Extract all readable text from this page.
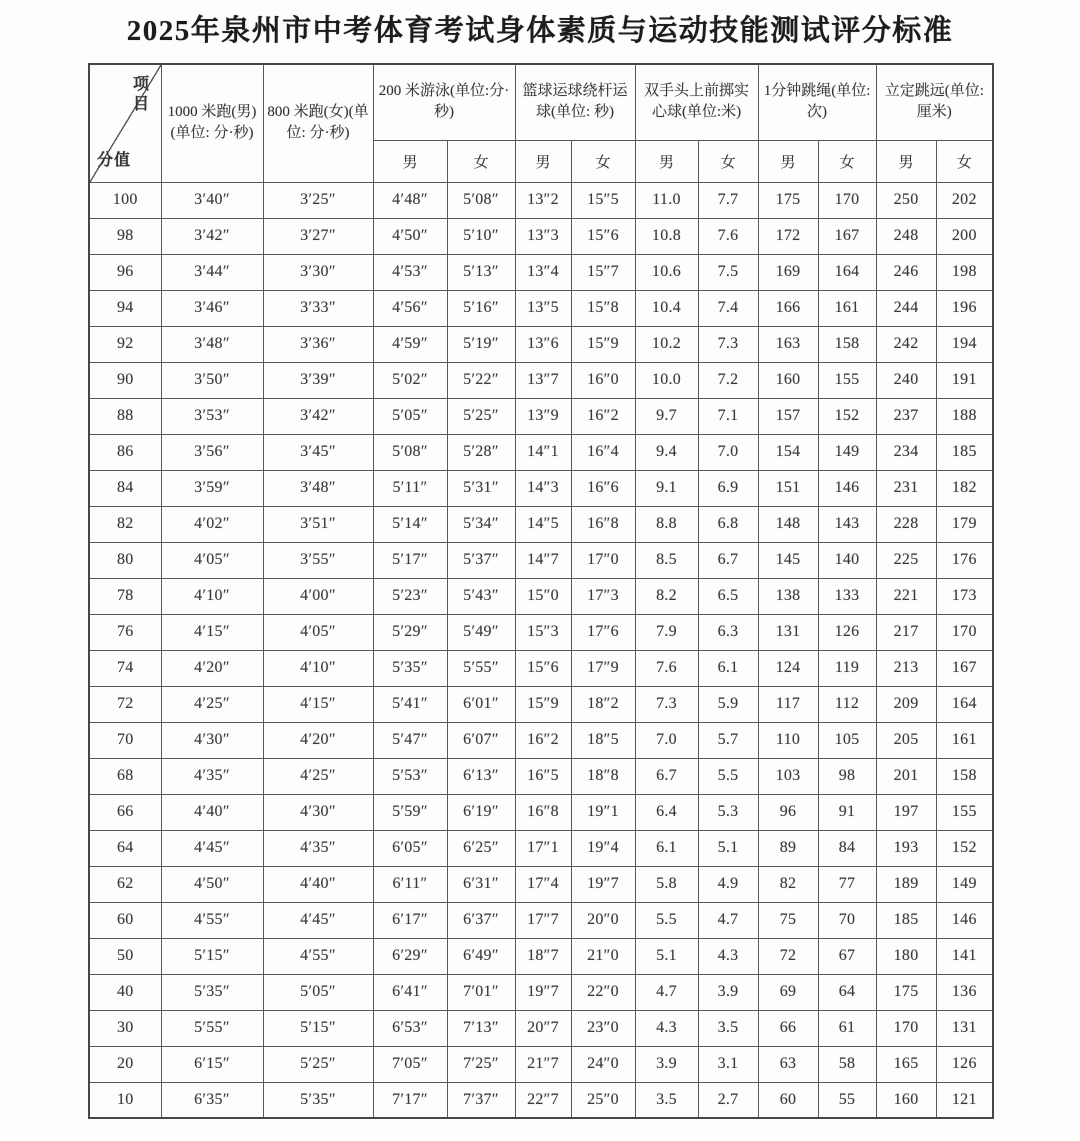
2025年泉州市中考体育考试身体素质与运动技能测试评分标准
项目
分值	1000 米跑(男)(单位: 分·秒)	800 米跑(女)(单位: 分·秒)	200 米游泳(单位:分·秒)		篮球运球绕杆运球(单位: 秒)		双手头上前掷实心球(单位:米)		1分钟跳绳(单位:次)		立定跳远(单位: 厘米)	
			男	女	男	女	男	女	男	女	男	女
100	3′40″	3′25″	4′48″	5′08″	13″2	15″5	11.0	7.7	175	170	250	202
98	3′42″	3′27″	4′50″	5′10″	13″3	15″6	10.8	7.6	172	167	248	200
96	3′44″	3′30″	4′53″	5′13″	13″4	15″7	10.6	7.5	169	164	246	198
94	3′46″	3′33″	4′56″	5′16″	13″5	15″8	10.4	7.4	166	161	244	196
92	3′48″	3′36″	4′59″	5′19″	13″6	15″9	10.2	7.3	163	158	242	194
90	3′50″	3′39″	5′02″	5′22″	13″7	16″0	10.0	7.2	160	155	240	191
88	3′53″	3′42″	5′05″	5′25″	13″9	16″2	9.7	7.1	157	152	237	188
86	3′56″	3′45″	5′08″	5′28″	14″1	16″4	9.4	7.0	154	149	234	185
84	3′59″	3′48″	5′11″	5′31″	14″3	16″6	9.1	6.9	151	146	231	182
82	4′02″	3′51″	5′14″	5′34″	14″5	16″8	8.8	6.8	148	143	228	179
80	4′05″	3′55″	5′17″	5′37″	14″7	17″0	8.5	6.7	145	140	225	176
78	4′10″	4′00″	5′23″	5′43″	15″0	17″3	8.2	6.5	138	133	221	173
76	4′15″	4′05″	5′29″	5′49″	15″3	17″6	7.9	6.3	131	126	217	170
74	4′20″	4′10″	5′35″	5′55″	15″6	17″9	7.6	6.1	124	119	213	167
72	4′25″	4′15″	5′41″	6′01″	15″9	18″2	7.3	5.9	117	112	209	164
70	4′30″	4′20″	5′47″	6′07″	16″2	18″5	7.0	5.7	110	105	205	161
68	4′35″	4′25″	5′53″	6′13″	16″5	18″8	6.7	5.5	103	98	201	158
66	4′40″	4′30″	5′59″	6′19″	16″8	19″1	6.4	5.3	96	91	197	155
64	4′45″	4′35″	6′05″	6′25″	17″1	19″4	6.1	5.1	89	84	193	152
62	4′50″	4′40″	6′11″	6′31″	17″4	19″7	5.8	4.9	82	77	189	149
60	4′55″	4′45″	6′17″	6′37″	17″7	20″0	5.5	4.7	75	70	185	146
50	5′15″	4′55″	6′29″	6′49″	18″7	21″0	5.1	4.3	72	67	180	141
40	5′35″	5′05″	6′41″	7′01″	19″7	22″0	4.7	3.9	69	64	175	136
30	5′55″	5′15″	6′53″	7′13″	20″7	23″0	4.3	3.5	66	61	170	131
20	6′15″	5′25″	7′05″	7′25″	21″7	24″0	3.9	3.1	63	58	165	126
10	6′35″	5′35″	7′17″	7′37″	22″7	25″0	3.5	2.7	60	55	160	121
